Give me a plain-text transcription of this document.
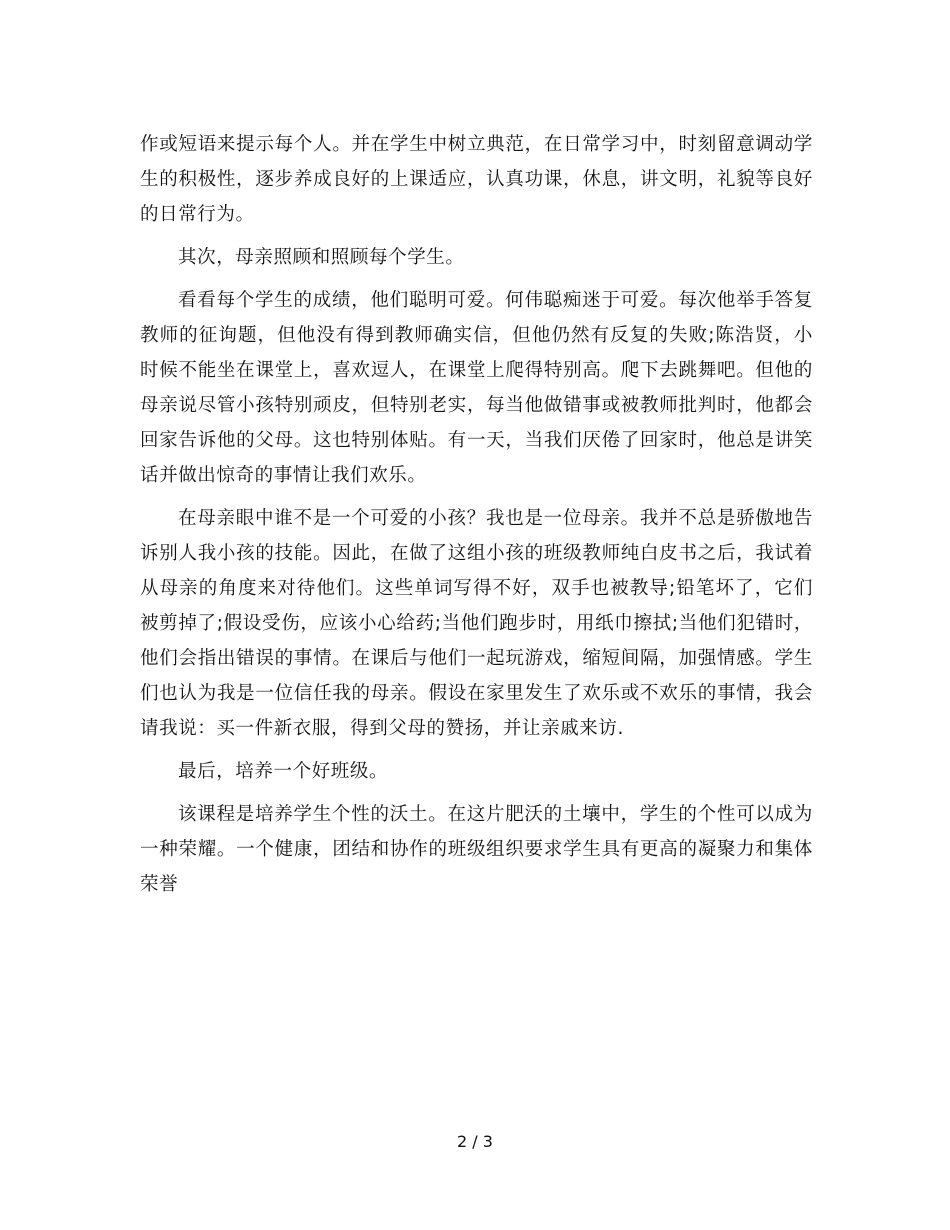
作或短语来提示每个人。并在学生中树立典范，在日常学习中，时刻留意调动学生的积极性，逐步养成良好的上课适应，认真功课，休息，讲文明，礼貌等良好的日常行为。

其次，母亲照顾和照顾每个学生。

看看每个学生的成绩，他们聪明可爱。何伟聪痴迷于可爱。每次他举手答复教师的征询题，但他没有得到教师确实信，但他仍然有反复的失败;陈浩贤，小时候不能坐在课堂上，喜欢逗人，在课堂上爬得特别高。爬下去跳舞吧。但他的母亲说尽管小孩特别顽皮，但特别老实，每当他做错事或被教师批判时，他都会回家告诉他的父母。这也特别体贴。有一天，当我们厌倦了回家时，他总是讲笑话并做出惊奇的事情让我们欢乐。

在母亲眼中谁不是一个可爱的小孩？我也是一位母亲。我并不总是骄傲地告诉别人我小孩的技能。因此，在做了这组小孩的班级教师纯白皮书之后，我试着从母亲的角度来对待他们。这些单词写得不好，双手也被教导;铅笔坏了，它们被剪掉了;假设受伤，应该小心给药;当他们跑步时，用纸巾擦拭;当他们犯错时，他们会指出错误的事情。在课后与他们一起玩游戏，缩短间隔，加强情感。学生们也认为我是一位信任我的母亲。假设在家里发生了欢乐或不欢乐的事情，我会请我说：买一件新衣服，得到父母的赞扬，并让亲戚来访.

最后，培养一个好班级。

该课程是培养学生个性的沃土。在这片肥沃的土壤中，学生的个性可以成为一种荣耀。一个健康，团结和协作的班级组织要求学生具有更高的凝聚力和集体荣誉

2 / 3
